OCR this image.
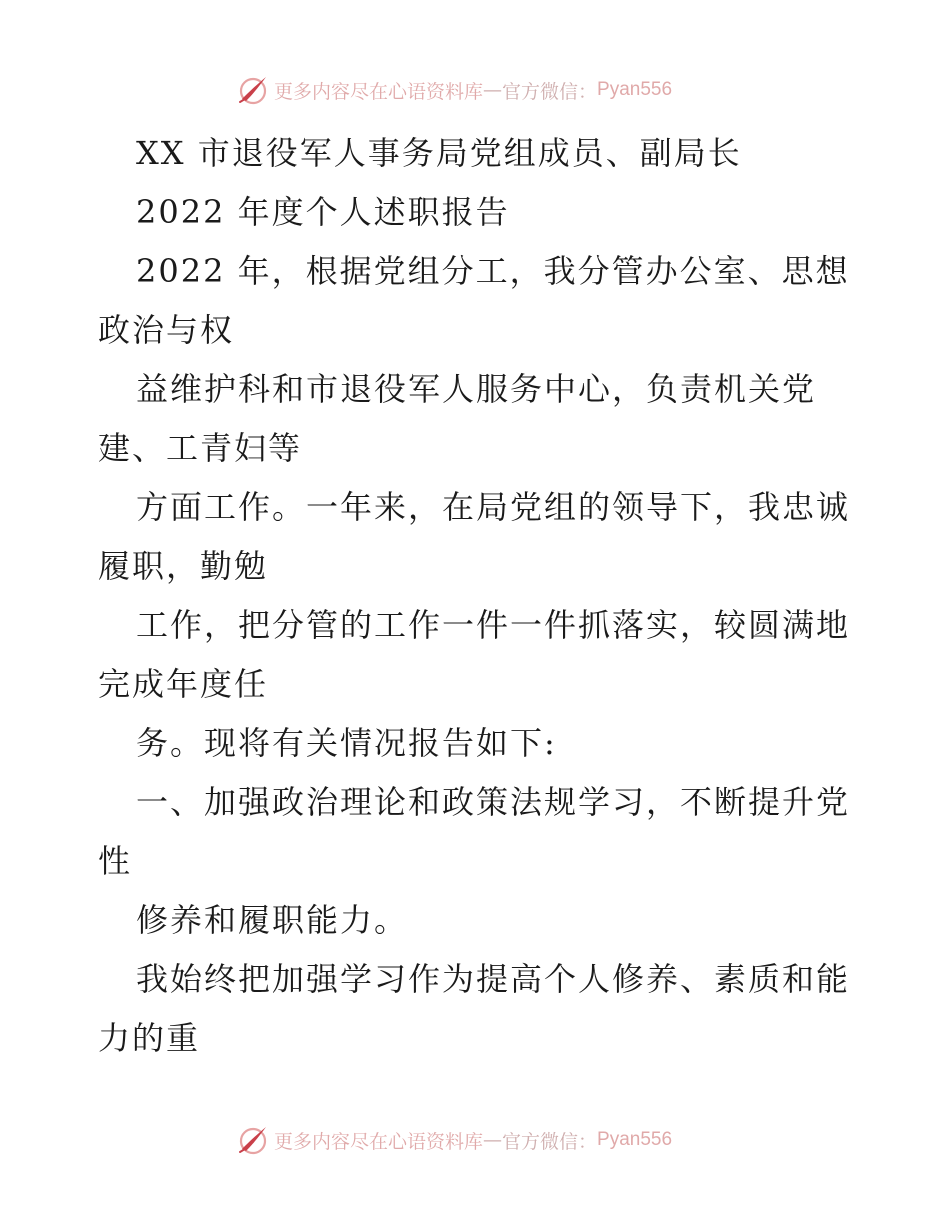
更多内容尽在心语资料库 — 官方微信： Pyan556
XX 市退役军人事务局党组成员、副局长
2022 年度个人述职报告
2022 年，根据党组分工，我分管办公室、思想
政治与权
益维护科和市退役军人服务中心，负责机关党
建、工青妇等
方面工作。一年来，在局党组的领导下，我忠诚
履职，勤勉
工作，把分管的工作一件一件抓落实，较圆满地
完成年度任
务。现将有关情况报告如下:
一、加强政治理论和政策法规学习，不断提升党
性
修养和履职能力。
我始终把加强学习作为提高个人修养、素质和能
力的重
更多内容尽在心语资料库 — 官方微信： Pyan556
